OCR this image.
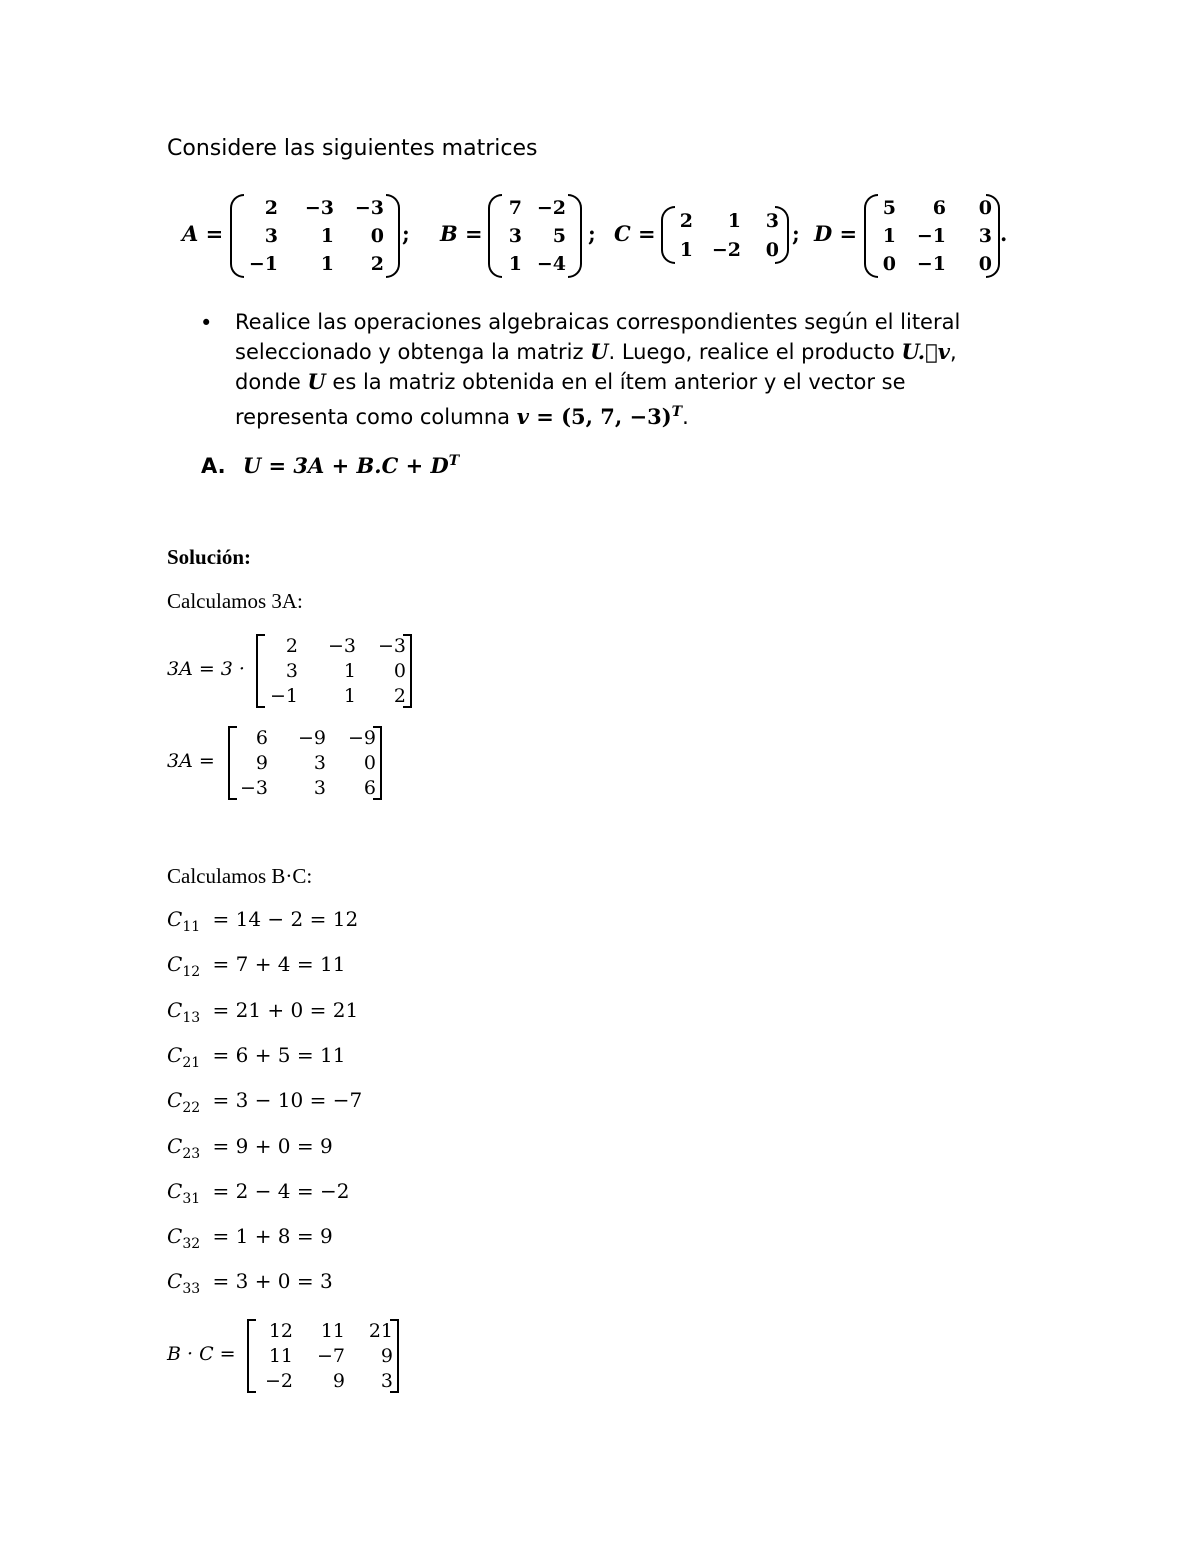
Considere las siguientes matrices
A =
2	−3	−3
3	1	0
−1	1	2
; B =
7 −2
3	5
1 −4
; C =
2	1	3
1 −2	0
; D =
5	6	0
1	−1	3
0	−1	0
.
• Realice las operaciones algebraicas correspondientes según el literal seleccionado y obtenga la matriz U. Luego, realice el producto U.v,
donde U es la matriz obtenida en el ítem anterior y el vector se representa como columna v = (5, 7, −3)$^T$.
A. $U = 3A + B.C + D^T$
Solución:
Calculamos 3A:
3A = 3 ·
2	−3	−3
3	1	0
−1	1	2
3A =
6	−9	−9
9	3	0
−3	3	6
Calculamos B·C:
$C_{11} = 14 - 2 = 12$
$C_{12} = 7 + 4 = 11$
$C_{13} = 21 + 0 = 21$
$C_{21} = 6 + 5 = 11$
$C_{22} = 3 - 10 = -7$
$C_{23} = 9 + 0 = 9$
$C_{31} = 2 - 4 = -2$
$C_{32} = 1 + 8 = 9$
$C_{33} = 3 + 0 = 3$
B · C =
12	11	21
11	−7	9
−2	9	3
